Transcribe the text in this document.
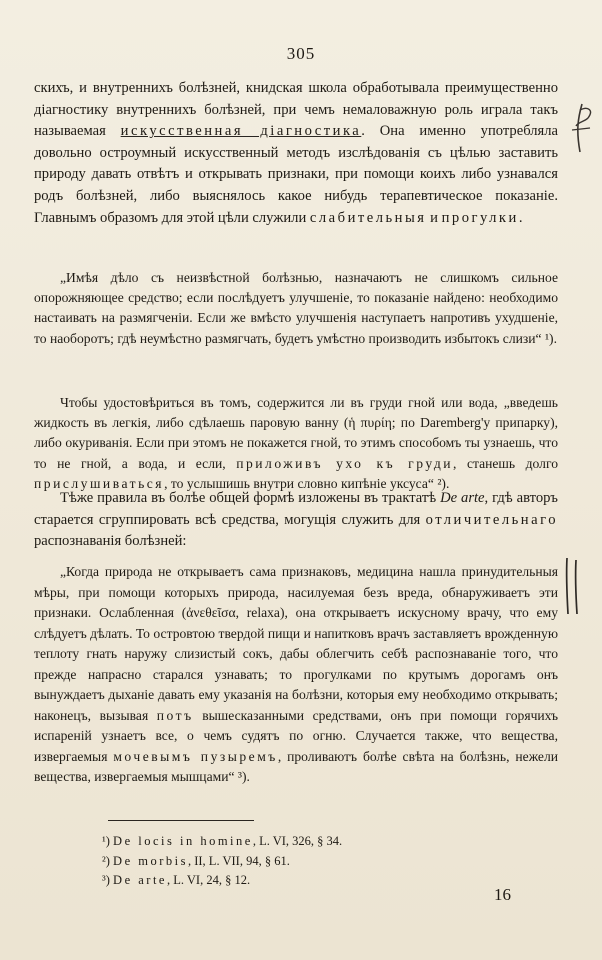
305
скихъ, и внутреннихъ болѣзней, книдская школа обработывала преимущественно діагностику внутреннихъ болѣзней, при чемъ немаловажную роль играла такъ называемая искусственная діагностика. Она именно употребляла довольно остроумный искусственный методъ изслѣдованія съ цѣлью заставить природу давать отвѣтъ и открывать признаки, при помощи коихъ либо узнавался родъ болѣзней, либо выяснялось какое нибудь терапевтическое показаніе. Главнымъ образомъ для этой цѣли служили слабительныя и прогулки.
„Имѣя дѣло съ неизвѣстной болѣзнью, назначаютъ не слишкомъ сильное опорожняющее средство; если послѣдуетъ улучшеніе, то показаніе найдено: необходимо настаивать на размягченіи. Если же вмѣсто улучшенія наступаетъ напротивъ ухудшеніе, то наоборотъ; гдѣ неумѣстно размягчать, будетъ умѣстно производить избытокъ слизи“ ¹).
Чтобы удостовѣриться въ томъ, содержится ли въ груди гной или вода, „введешь жидкость въ легкія, либо сдѣлаешь паровую ванну (ἡ πυρίη; по Daremberg'у припарку), либо окуриванія. Если при этомъ не покажется гной, то этимъ способомъ ты узнаешь, что то не гной, а вода, и если, приложивъ ухо къ груди, станешь долго прислушиваться, то услышишь внутри словно кипѣніе уксуса“ ²).
Тѣже правила въ болѣе общей формѣ изложены въ трактатѣ De arte, гдѣ авторъ старается сгруппировать всѣ средства, могущія служить для отличительнаго распознаванія болѣзней:
„Когда природа не открываетъ сама признаковъ, медицина нашла принудительныя мѣры, при помощи которыхъ природа, насилуемая безъ вреда, обнаруживаетъ эти признаки. Ослабленная (ἀνεθεῖσα, relaxa), она открываетъ искусному врачу, что ему слѣдуетъ дѣлать. То островтою твердой пищи и напитковъ врачъ заставляетъ врожденную теплоту гнать наружу слизистый сокъ, дабы облегчить себѣ распознаваніе того, что прежде напрасно старался узнавать; то прогулками по крутымъ дорогамъ онъ вынуждаетъ дыханіе давать ему указанія на болѣзни, которыя ему необходимо открывать; наконецъ, вызывая потъ вышесказанными средствами, онъ при помощи горячихъ испареній узнаетъ все, о чемъ судятъ по огню. Случается также, что вещества, извергаемыя мочевымъ пузыремъ, проливаютъ болѣе свѣта на болѣзнь, нежели вещества, извергаемыя мышцами“ ³).
¹) De locis in homine, L. VI, 326, § 34.
²) De morbis, II, L. VII, 94, § 61.
³) De arte, L. VI, 24, § 12.
16
